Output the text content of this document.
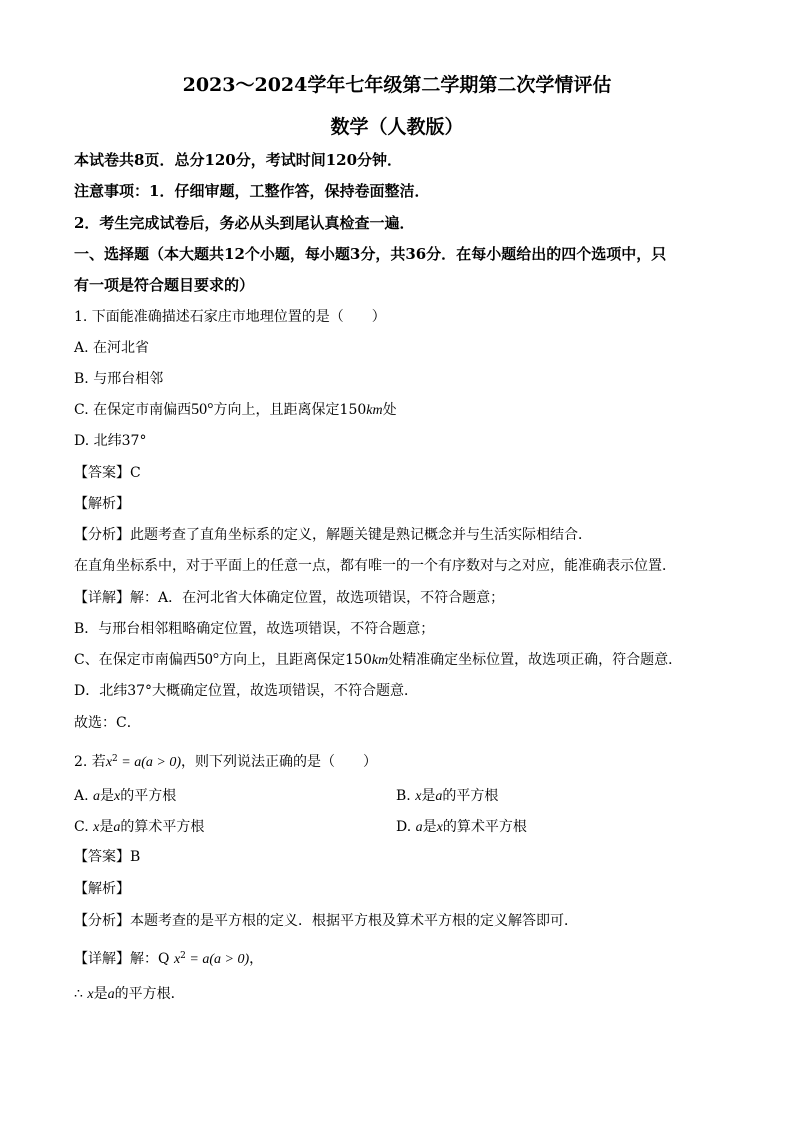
2023～2024学年七年级第二学期第二次学情评估
数学（人教版）
本试卷共8页．总分120分，考试时间120分钟．
注意事项：1．仔细审题，工整作答，保持卷面整洁．
2．考生完成试卷后，务必从头到尾认真检查一遍．
一、选择题（本大题共12个小题，每小题3分，共36分．在每小题给出的四个选项中，只
有一项是符合题目要求的）
1. 下面能准确描述石家庄市地理位置的是（　　）
A. 在河北省
B. 与邢台相邻
C. 在保定市南偏西50°方向上，且距离保定150km处
D. 北纬37°
【答案】C
【解析】
【分析】此题考查了直角坐标系的定义，解题关键是熟记概念并与生活实际相结合．
在直角坐标系中，对于平面上的任意一点，都有唯一的一个有序数对与之对应，能准确表示位置．
【详解】解：A．在河北省大体确定位置，故选项错误，不符合题意；
B．与邢台相邻粗略确定位置，故选项错误，不符合题意；
C、在保定市南偏西50°方向上，且距离保定150km处精准确定坐标位置，故选项正确，符合题意．
D．北纬37°大概确定位置，故选项错误，不符合题意．
故选：C．
2. 若$x^2 = a(a > 0)$，则下列说法正确的是（　　）
A. a是x的平方根	B. x是a的平方根
C. x是a的算术平方根	D. a是x的算术平方根
【答案】B
【解析】
【分析】本题考查的是平方根的定义．根据平方根及算术平方根的定义解答即可．
【详解】解：Q $x^2 = a(a > 0)$，
∴ x是a的平方根．
